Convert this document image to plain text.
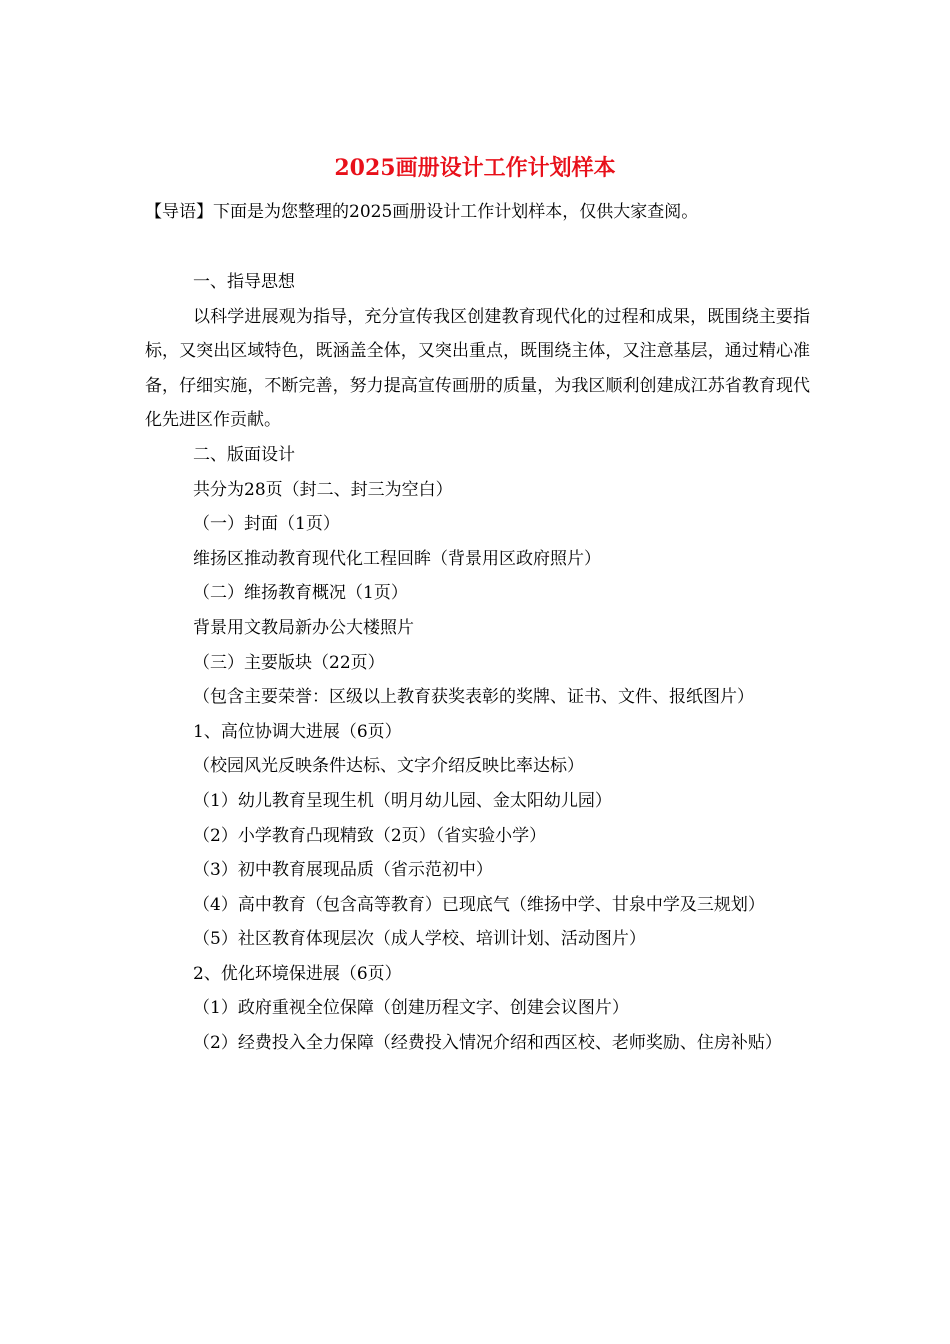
2025画册设计工作计划样本
【导语】下面是为您整理的2025画册设计工作计划样本，仅供大家查阅。

一、指导思想

以科学进展观为指导，充分宣传我区创建教育现代化的过程和成果，既围绕主要指标，又突出区域特色，既涵盖全体，又突出重点，既围绕主体，又注意基层，通过精心准备，仔细实施，不断完善，努力提高宣传画册的质量，为我区顺利创建成江苏省教育现代化先进区作贡献。

二、版面设计

共分为28页（封二、封三为空白）

（一）封面（1页）

维扬区推动教育现代化工程回眸（背景用区政府照片）

（二）维扬教育概况（1页）

背景用文教局新办公大楼照片

（三）主要版块（22页）

（包含主要荣誉：区级以上教育获奖表彰的奖牌、证书、文件、报纸图片）

1、高位协调大进展（6页）

（校园风光反映条件达标、文字介绍反映比率达标）

（1）幼儿教育呈现生机（明月幼儿园、金太阳幼儿园）

（2）小学教育凸现精致（2页）（省实验小学）

（3）初中教育展现品质（省示范初中）

（4）高中教育（包含高等教育）已现底气（维扬中学、甘泉中学及三规划）

（5）社区教育体现层次（成人学校、培训计划、活动图片）

2、优化环境保进展（6页）

（1）政府重视全位保障（创建历程文字、创建会议图片）

（2）经费投入全力保障（经费投入情况介绍和西区校、老师奖励、住房补贴）
